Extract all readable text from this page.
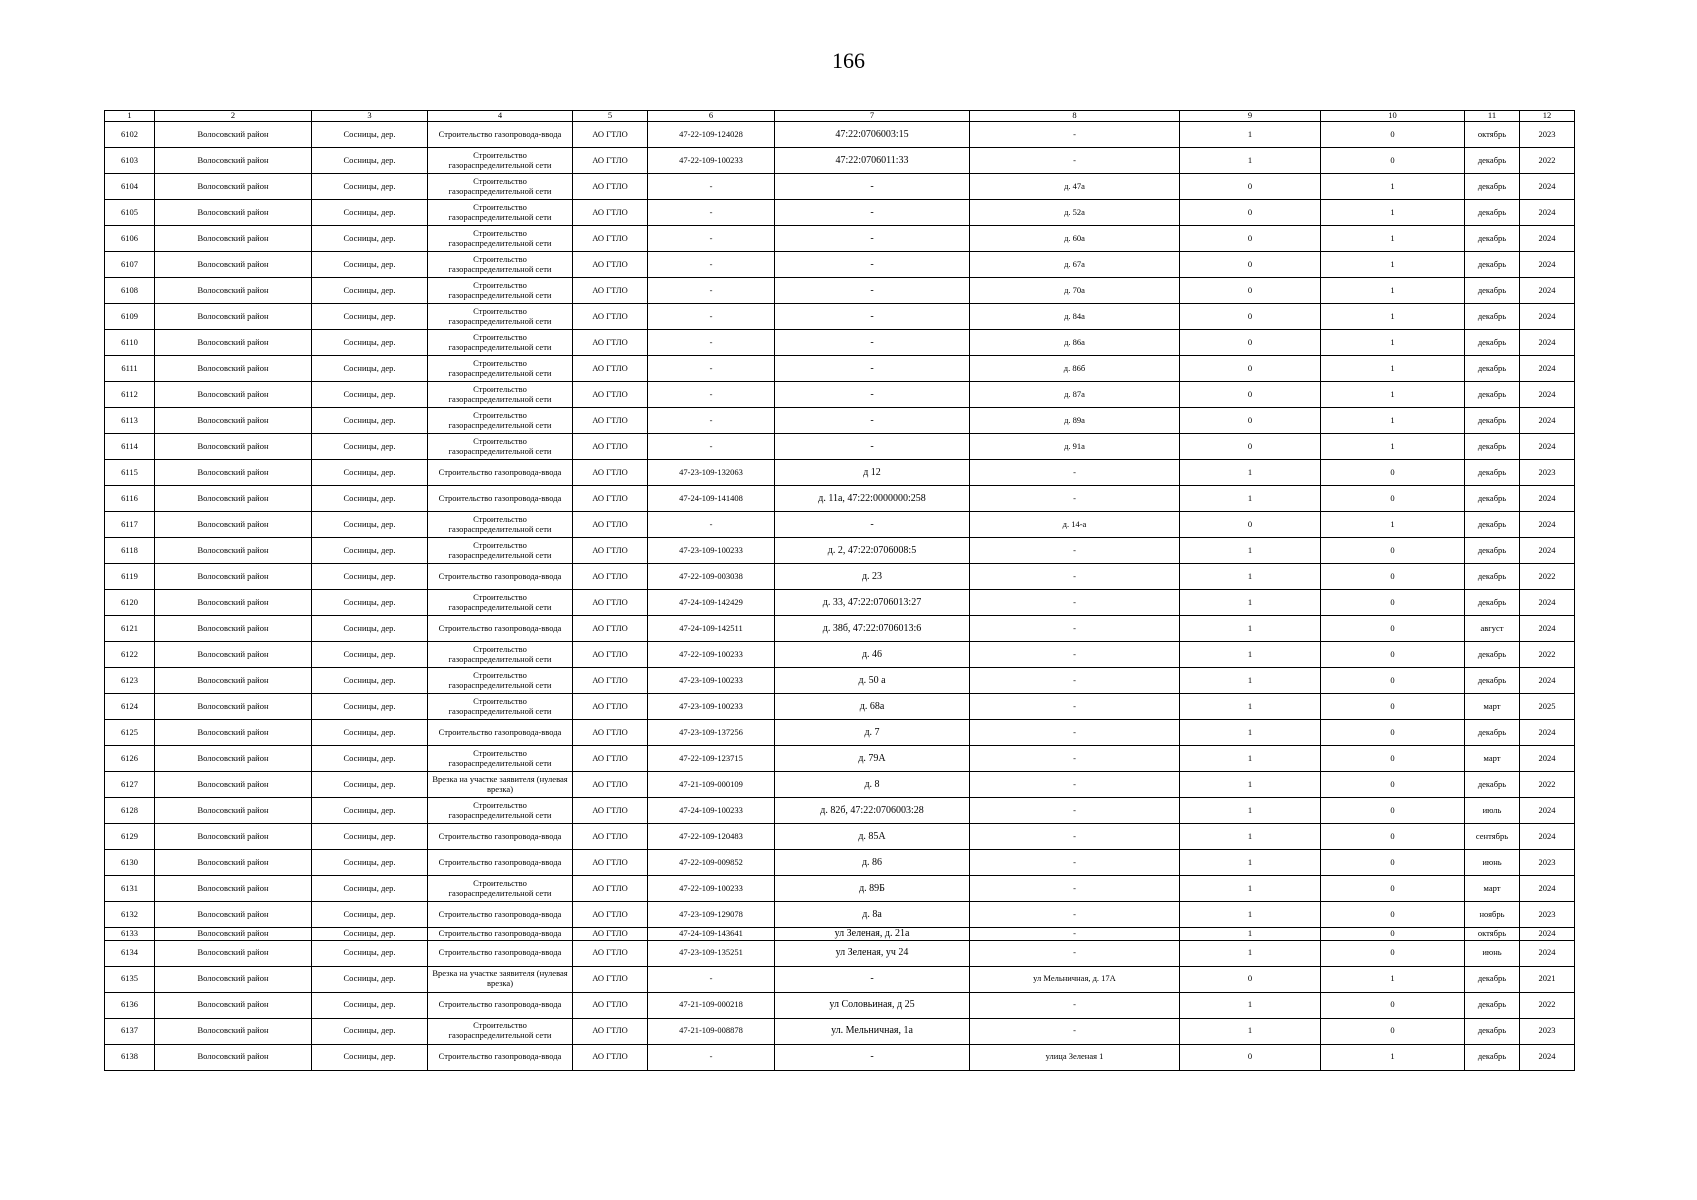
166
1	2	3	4	5	6	7	8	9	10	11	12
6102	Волосовский район	Сосницы, дер.	Строительство газопровода-ввода	АО ГТЛО	47-22-109-124028	47:22:0706003:15	-	1	0	октябрь	2023
6103	Волосовский район	Сосницы, дер.	Строительство газораспределительной сети	АО ГТЛО	47-22-109-100233	47:22:0706011:33	-	1	0	декабрь	2022
6104	Волосовский район	Сосницы, дер.	Строительство газораспределительной сети	АО ГТЛО	-	-	д. 47а	0	1	декабрь	2024
6105	Волосовский район	Сосницы, дер.	Строительство газораспределительной сети	АО ГТЛО	-	-	д. 52а	0	1	декабрь	2024
6106	Волосовский район	Сосницы, дер.	Строительство газораспределительной сети	АО ГТЛО	-	-	д. 60а	0	1	декабрь	2024
6107	Волосовский район	Сосницы, дер.	Строительство газораспределительной сети	АО ГТЛО	-	-	д. 67а	0	1	декабрь	2024
6108	Волосовский район	Сосницы, дер.	Строительство газораспределительной сети	АО ГТЛО	-	-	д. 70а	0	1	декабрь	2024
6109	Волосовский район	Сосницы, дер.	Строительство газораспределительной сети	АО ГТЛО	-	-	д. 84а	0	1	декабрь	2024
6110	Волосовский район	Сосницы, дер.	Строительство газораспределительной сети	АО ГТЛО	-	-	д. 86а	0	1	декабрь	2024
6111	Волосовский район	Сосницы, дер.	Строительство газораспределительной сети	АО ГТЛО	-	-	д. 86б	0	1	декабрь	2024
6112	Волосовский район	Сосницы, дер.	Строительство газораспределительной сети	АО ГТЛО	-	-	д. 87а	0	1	декабрь	2024
6113	Волосовский район	Сосницы, дер.	Строительство газораспределительной сети	АО ГТЛО	-	-	д. 89а	0	1	декабрь	2024
6114	Волосовский район	Сосницы, дер.	Строительство газораспределительной сети	АО ГТЛО	-	-	д. 91а	0	1	декабрь	2024
6115	Волосовский район	Сосницы, дер.	Строительство газопровода-ввода	АО ГТЛО	47-23-109-132063	д 12	-	1	0	декабрь	2023
6116	Волосовский район	Сосницы, дер.	Строительство газопровода-ввода	АО ГТЛО	47-24-109-141408	д. 11а, 47:22:0000000:258	-	1	0	декабрь	2024
6117	Волосовский район	Сосницы, дер.	Строительство газораспределительной сети	АО ГТЛО	-	-	д. 14-а	0	1	декабрь	2024
6118	Волосовский район	Сосницы, дер.	Строительство газораспределительной сети	АО ГТЛО	47-23-109-100233	д. 2, 47:22:0706008:5	-	1	0	декабрь	2024
6119	Волосовский район	Сосницы, дер.	Строительство газопровода-ввода	АО ГТЛО	47-22-109-003038	д. 23	-	1	0	декабрь	2022
6120	Волосовский район	Сосницы, дер.	Строительство газораспределительной сети	АО ГТЛО	47-24-109-142429	д. 33, 47:22:0706013:27	-	1	0	декабрь	2024
6121	Волосовский район	Сосницы, дер.	Строительство газопровода-ввода	АО ГТЛО	47-24-109-142511	д. 38б, 47:22:0706013:6	-	1	0	август	2024
6122	Волосовский район	Сосницы, дер.	Строительство газораспределительной сети	АО ГТЛО	47-22-109-100233	д. 46	-	1	0	декабрь	2022
6123	Волосовский район	Сосницы, дер.	Строительство газораспределительной сети	АО ГТЛО	47-23-109-100233	д. 50 а	-	1	0	декабрь	2024
6124	Волосовский район	Сосницы, дер.	Строительство газораспределительной сети	АО ГТЛО	47-23-109-100233	д. 68а	-	1	0	март	2025
6125	Волосовский район	Сосницы, дер.	Строительство газопровода-ввода	АО ГТЛО	47-23-109-137256	д. 7	-	1	0	декабрь	2024
6126	Волосовский район	Сосницы, дер.	Строительство газораспределительной сети	АО ГТЛО	47-22-109-123715	д. 79А	-	1	0	март	2024
6127	Волосовский район	Сосницы, дер.	Врезка на участке заявителя (нулевая врезка)	АО ГТЛО	47-21-109-000109	д. 8	-	1	0	декабрь	2022
6128	Волосовский район	Сосницы, дер.	Строительство газораспределительной сети	АО ГТЛО	47-24-109-100233	д. 82б, 47:22:0706003:28	-	1	0	июль	2024
6129	Волосовский район	Сосницы, дер.	Строительство газопровода-ввода	АО ГТЛО	47-22-109-120483	д. 85А	-	1	0	сентябрь	2024
6130	Волосовский район	Сосницы, дер.	Строительство газопровода-ввода	АО ГТЛО	47-22-109-009852	д. 86	-	1	0	июнь	2023
6131	Волосовский район	Сосницы, дер.	Строительство газораспределительной сети	АО ГТЛО	47-22-109-100233	д. 89Б	-	1	0	март	2024
6132	Волосовский район	Сосницы, дер.	Строительство газопровода-ввода	АО ГТЛО	47-23-109-129078	д. 8а	-	1	0	ноябрь	2023
6133	Волосовский район	Сосницы, дер.	Строительство газопровода-ввода	АО ГТЛО	47-24-109-143641	ул Зеленая, д. 21а	-	1	0	октябрь	2024
6134	Волосовский район	Сосницы, дер.	Строительство газопровода-ввода	АО ГТЛО	47-23-109-135251	ул Зеленая, уч 24	-	1	0	июнь	2024
6135	Волосовский район	Сосницы, дер.	Врезка на участке заявителя (нулевая врезка)	АО ГТЛО	-	-	ул Мельничная, д. 17А	0	1	декабрь	2021
6136	Волосовский район	Сосницы, дер.	Строительство газопровода-ввода	АО ГТЛО	47-21-109-000218	ул Соловьиная, д 25	-	1	0	декабрь	2022
6137	Волосовский район	Сосницы, дер.	Строительство газораспределительной сети	АО ГТЛО	47-21-109-008878	ул. Мельничная, 1а	-	1	0	декабрь	2023
6138	Волосовский район	Сосницы, дер.	Строительство газопровода-ввода	АО ГТЛО	-	-	улица Зеленая 1	0	1	декабрь	2024
